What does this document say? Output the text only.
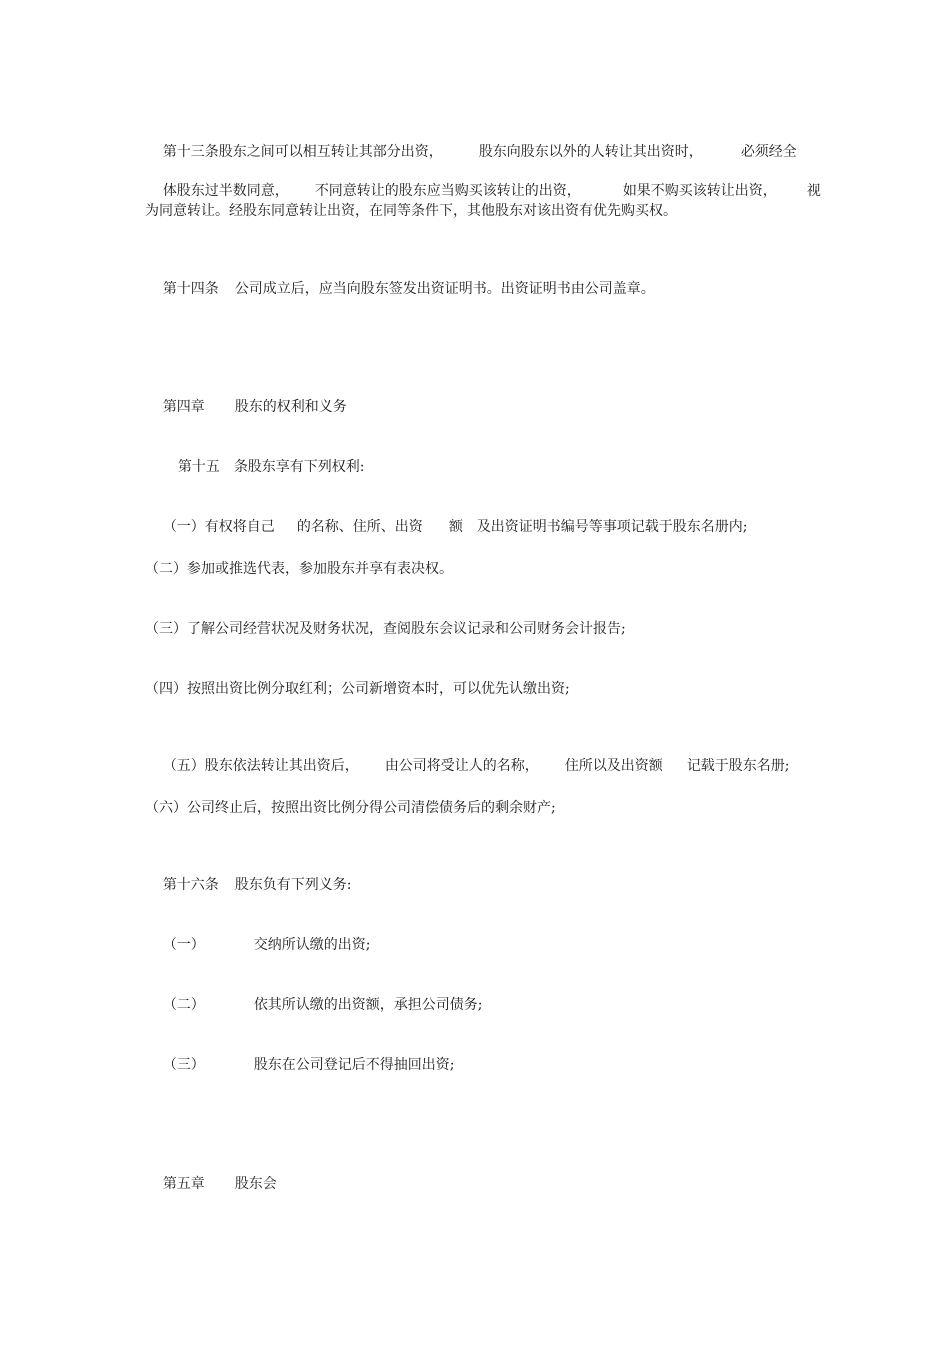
第十三条股东之间可以相互转让其部分出资，	股东向股东以外的人转让其出资时，	必须经全

体股东过半数同意， 不同意转让的股东应当购买该转让的出资，	如果不购买该转让出资， 视

为同意转让。经股东同意转让出资，在同等条件下，其他股东对该出资有优先购买权。

第十四条 公司成立后，应当向股东签发出资证明书。出资证明书由公司盖章。

第四章 股东的权利和义务

第十五 条股东享有下列权利:

（一）有权将自己 的名称、住所、出资 额 及出资证明书编号等事项记载于股东名册内;

（二）参加或推选代表，参加股东并享有表决权。
（三）了解公司经营状况及财务状况，查阅股东会议记录和公司财务会计报告;
（四）按照出资比例分取红利；公司新增资本时，可以优先认缴出资;

（五）股东依法转让其出资后， 由公司将受让人的名称， 住所以及出资额 记载于股东名册;

（六）公司终止后，按照出资比例分得公司清偿债务后的剩余财产;

第十六条 股东负有下列义务:

（一）	交纳所认缴的出资;

（二）	依其所认缴的出资额，承担公司债务;

（三）	股东在公司登记后不得抽回出资;

第五章 股东会
